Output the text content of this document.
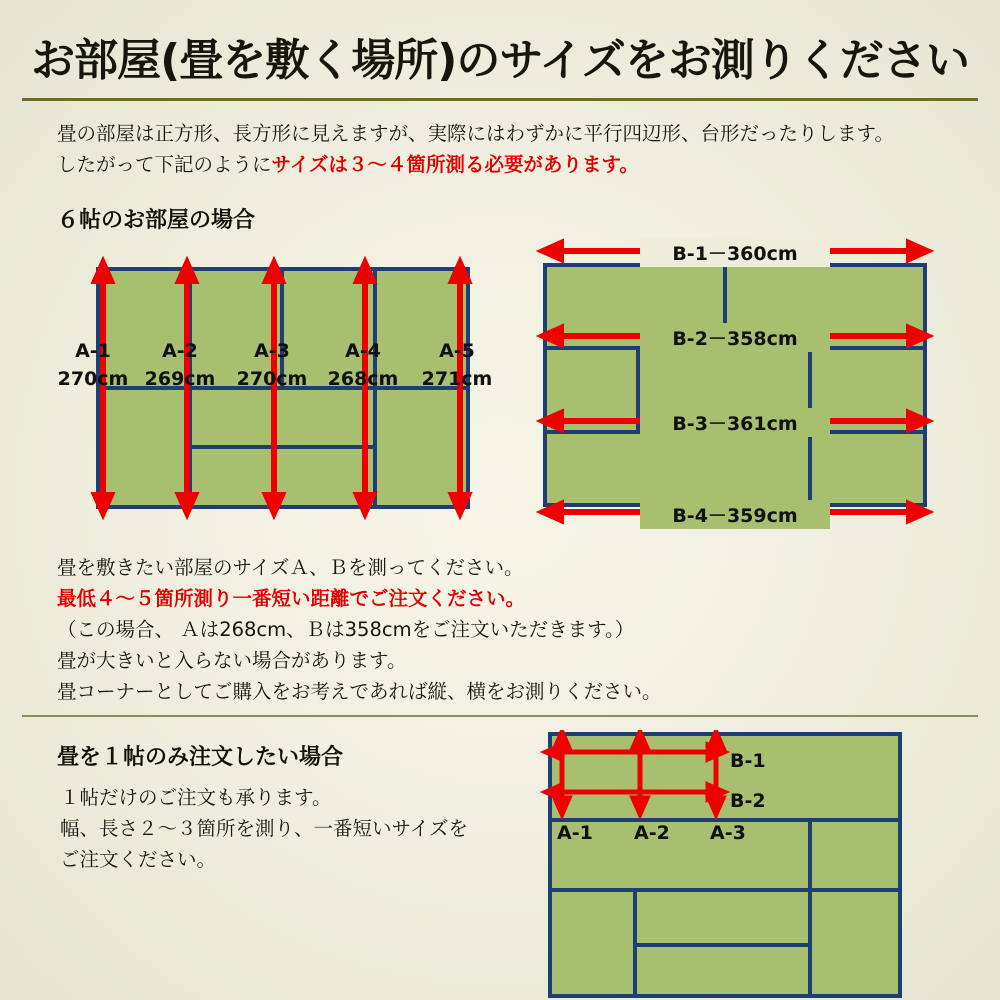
お部屋(畳を敷く場所)のサイズをお測りください
畳の部屋は正方形、長方形に見えますが、実際にはわずかに平行四辺形、台形だったりします。
したがって下記のようにサイズは３～４箇所測る必要があります。
６帖のお部屋の場合
A-1
270cm
A-2
269cm
A-3
270cm
A-4
268cm
A-5
271cm
B-1－360cm
B-2－358cm
B-3－361cm
B-4－359cm
畳を敷きたい部屋のサイズＡ、Ｂを測ってください。
最低４～５箇所測り一番短い距離でご注文ください。
（この場合、 Ａは268cm、Ｂは358cmをご注文いただきます。）
畳が大きいと入らない場合があります。
畳コーナーとしてご購入をお考えであれば縦、横をお測りください。
畳を１帖のみ注文したい場合
１帖だけのご注文も承ります。
幅、長さ２～３箇所を測り、一番短いサイズを
ご注文ください。
B-1
B-2
A-1 A-2 A-3
